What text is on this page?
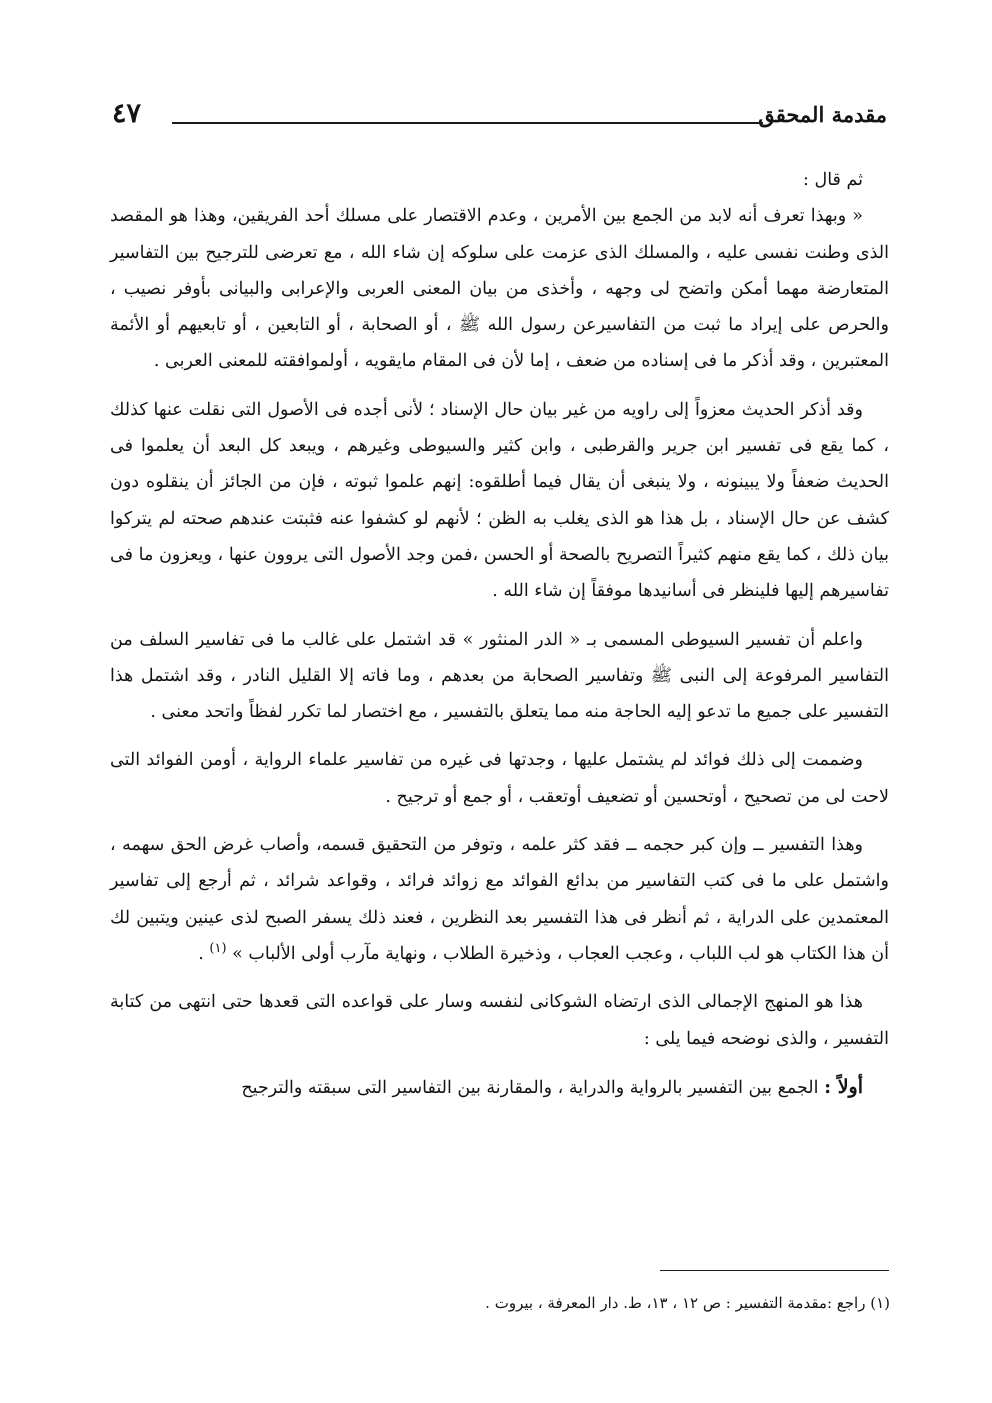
مقدمة المحقق
٤٧

ثم قال :

« وبهذا تعرف أنه لابد من الجمع بين الأمرين ، وعدم الاقتصار على مسلك أحد الفريقين، وهذا هو المقصد الذى وطنت نفسى عليه ، والمسلك الذى عزمت على سلوكه إن شاء الله ، مع تعرضى للترجيح بين التفاسير المتعارضة مهما أمكن واتضح لى وجهه ، وأخذى من بيان المعنى العربى والإعرابى والبيانى بأوفر نصيب ، والحرص على إيراد ما ثبت من التفاسيرعن رسول الله ﷺ ، أو الصحابة ، أو التابعين ، أو تابعيهم أو الأئمة المعتبرين ، وقد أذكر ما فى إسناده من ضعف ، إما لأن فى المقام مايقويه ، أولموافقته للمعنى العربى .

وقد أذكر الحديث معزواً إلى راويه من غير بيان حال الإسناد ؛ لأنى أجده فى الأصول التى نقلت عنها كذلك ، كما يقع فى تفسير ابن جرير والقرطبى ، وابن كثير والسيوطى وغيرهم ، ويبعد كل البعد أن يعلموا فى الحديث ضعفاً ولا يبينونه ، ولا ينبغى أن يقال فيما أطلقوه: إنهم علموا ثبوته ، فإن من الجائز أن ينقلوه دون كشف عن حال الإسناد ، بل هذا هو الذى يغلب به الظن ؛ لأنهم لو كشفوا عنه فثبتت عندهم صحته لم يتركوا بيان ذلك ، كما يقع منهم كثيراً التصريح بالصحة أو الحسن ،فمن وجد الأصول التى يروون عنها ، ويعزون ما فى تفاسيرهم إليها فلينظر فى أسانيدها موفقاً إن شاء الله .

واعلم أن تفسير السيوطى المسمى بـ « الدر المنثور » قد اشتمل على غالب ما فى تفاسير السلف من التفاسير المرفوعة إلى النبى ﷺ وتفاسير الصحابة من بعدهم ، وما فاته إلا القليل النادر ، وقد اشتمل هذا التفسير على جميع ما تدعو إليه الحاجة منه مما يتعلق بالتفسير ، مع اختصار لما تكرر لفظاً واتحد معنى .

وضممت إلى ذلك فوائد لم يشتمل عليها ، وجدتها فى غيره من تفاسير علماء الرواية ، أومن الفوائد التى لاحت لى من تصحيح ، أوتحسين أو تضعيف أوتعقب ، أو جمع أو ترجيح .

وهذا التفسير ــ وإن كبر حجمه ــ فقد كثر علمه ، وتوفر من التحقيق قسمه، وأصاب غرض الحق سهمه ، واشتمل على ما فى كتب التفاسير من بدائع الفوائد مع زوائد فرائد ، وقواعد شرائد ، ثم أرجع إلى تفاسير المعتمدين على الدراية ، ثم أنظر فى هذا التفسير بعد النظرين ، فعند ذلك يسفر الصبح لذى عينين ويتبين لك أن هذا الكتاب هو لب اللباب ، وعجب العجاب ، وذخيرة الطلاب ، ونهاية مآرب أولى الألباب » $^{(١)}$ .

هذا هو المنهج الإجمالى الذى ارتضاه الشوكانى لنفسه وسار على قواعده التى قعدها حتى انتهى من كتابة التفسير ، والذى نوضحه فيما يلى :

أولاً : الجمع بين التفسير بالرواية والدراية ، والمقارنة بين التفاسير التى سبقته والترجيح

(١) راجع :مقدمة التفسير : ص ١٢ ، ١٣، ط. دار المعرفة ، بيروت .
